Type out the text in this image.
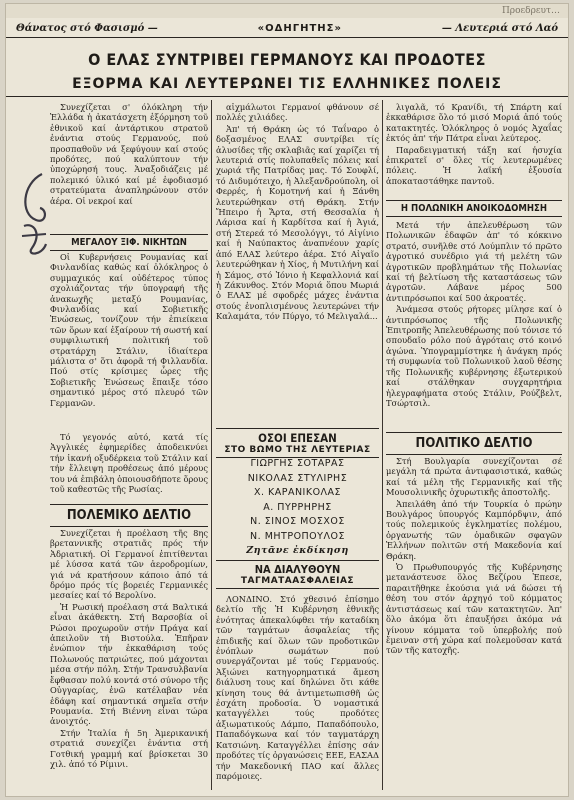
Προεδρευτ…
Θάνατος στό Φασισμό —	«ΟΔΗΓΗΤΗΣ»	— Λευτεριά στό Λαό
Ο ΕΛΑΣ ΣΥΝΤΡΙΒΕΙ ΓΕΡΜΑΝΟΥΣ ΚΑΙ ΠΡΟΔΟΤΕΣ
ΕΞΟΡΜΑ ΚΑΙ ΛΕΥΤΕΡΩΝΕΙ ΤΙΣ ΕΛΛΗΝΙΚΕΣ ΠΟΛΕΙΣ

Συνεχίζεται σ' όλόκληρη τήν Ἑλλάδα ἡ ἀκατάσχετη ἐξόρμηση τοῦ ἐθνικοῦ καί ἀντάρτικου στρατοῦ ἐνάντια στούς Γερμανούς, πού προσπαθοῦν νά ξεφύγουν καί στούς προδότες, πού καλύπτουν τήν ὑποχώρησή τους. Ἀναξοδιάζεις μέ πολεμικό ὑλικό καί μέ ἐφοδιασμό στρατεύματα ἀναπληρώνουν στόν ἀέρα. Οἱ νεκροί καί

ΜΕΓΑΛΟΥ ΞΙΦ. ΝΙΚΗΤΩΝ

Οἱ Κυβερνήσεις Ρουμανίας καί Φινλανδίας καθώς καί ὁλόκληρος ὁ συμμαχικός καί οὐδέτερος τύπος σχολιάζοντας τήν ὑπογραφή τῆς ἀνακωχῆς μεταξύ Ρουμανίας, Φινλανδίας καί Σοβιετικῆς Ἑνώσεως, τονίζουν τήν ἐπιείκεια τῶν ὅρων καί ἐξαίρουν τή σωστή καί συμφιλιωτική πολιτική τοῦ στρατάρχη Στάλιν, ἰδιαίτερα μάλιστα σ' ὅτι ἀφορᾶ τή Φιλλανδία. Πού στίς κρίσιμες ὧρες τῆς Σοβιετικῆς Ἑνώσεως ἔπαιξε τόσο σημαντικό μέρος στό πλευρό τῶν Γερμανῶν.

Τό γεγονός αὐτό, κατά τίς Ἀγγλικές ἐφημερίδες ἀποδεικνύει τήν ἰκανή οξυδέρκεια τοῦ Στάλιν καί τήν ἔλλειψη προθέσεως ἀπό μέρους του νά ἐπιβάλη ὁποιουσδήποτε ὅρους τοῦ καθεστῶς τῆς Ρωσίας.

ΠΟΛΕΜΙΚΟ ΔΕΛΤΙΟ

Συνεχίζεται ἡ προέλαση τῆς 8ης βρεταννικῆς στρατιᾶς πρός τήν Ἀδριατική. Οἱ Γερμανοί ἐπιτίθενται μέ λύσσα κατά τῶν ἀεροδρομίων, γιά νά κρατήσουν κάποιο ἀπό τά δρόμο πρός τίς βορειές Γερμανικές μεσαίες καί τό Βερολίνο.

Ἡ Ρωσική προέλαση στά Βαλτικά εἶναι ἀκάθεκτη. Στή Βαρσοβία οἱ Ρώσοι προχωροῦν στήν Πράγα καί ἀπειλοῦν τή Βιστούλα. Ἐπῆραν ἐνώπιον τήν ἐκκαθάριση τούς Πολωνούς πατριώτες, πού μάχονται μέσα στήν πόλη. Στήν Τρανσυλβανία ἔφθασαν πολύ κοντά στό σύνορο τῆς Οὐγγαρίας, ἐνῶ κατέλαβαν νέα ἐδάφη καί σημαντικά σημεῖα στήν Ρουμανία. Στή Βιέννη εἶναι τώρα ἀνοιχτός.

Στήν Ἰταλία ἡ 5η Ἀμερικανική στρατιά συνεχίζει ἐνάντια στή Γοτθική γραμμή καί βρίσκεται 30 χιλ. ἀπό τό Ρίμινι.

αἰχμάλωτοι Γερμανοί φθάνουν σέ πολλές χιλιάδες.

Ἀπ' τή Θράκη ὡς τό Ταΐναρο ὁ δοξασμένος ΕΛΑΣ συντρίβει τίς ἀλυσίδες τῆς σκλαβιᾶς καί χαρίζει τή λευτεριά στίς πολυπαθεῖς πόλεις καί χωριά τῆς Πατρίδας μας. Τό Σουφλί, τό Διδυμότειχο, ἡ Ἀλεξανδρούπολη, οἱ Φερρές, ἡ Κομοτηνή καί ἡ Ξάνθη λευτερώθηκαν στή Θράκη. Στήν Ἤπειρο ἡ Ἄρτα, στή Θεσσαλία ἡ Λάρισα καί ἡ Καρδίτσα καί ἡ Ἀγιά, στή Στερεά τό Μεσολόγγι, τό Αἰγίνιο καί ἡ Ναύπακτος ἀναπνέουν χαρίς ἀπό ΕΛΑΣ λεύτερο ἀέρα. Στό Αἰγαῖο λευτερώθηκαν ἡ Χίος, ἡ Μυτιλήνη καί ἡ Σάμος, στό Ἰόνιο ἡ Κεφαλλονιά καί ἡ Ζάκυνθος. Στόν Μοριά ὅπου Μωριά ὁ ΕΛΑΣ μέ σφοδρές μάχες ἐνάντια στούς ἐνοπλισμένους λευτερώνει τήν Καλαμάτα, τόν Πύργο, τό Μελιγαλά...

ΟΣΟΙ ΕΠΕΣΑΝ
ΣΤΟ ΒΩΜΟ ΤΗΣ ΛΕΥΤΕΡΙΑΣ
ΓΙΩΡΓΗΣ ΣΟΤΑΡΑΣ
ΝΙΚΟΛΑΣ ΣΤΥΛΙΡΗΣ
Χ. ΚΑΡΑΝΙΚΟΛΑΣ
Α. ΠΥΡΡΗΡΗΣ
Ν. ΣΙΝΟΣ ΜΟΣΧΟΣ
Ν. ΜΗΤΡΟΠΟΥΛΟΣ
Ζητᾶνε ἐκδίκηση
ΝΑ ΔΙΑΛΥΘΟΥΝ
ΤΑΓΜΑΤΑΑΣΦΑΛΕΙΑΣ

ΛΟΝΔΙΝΟ. Στό χθεσινό ἐπίσημο δελτίο τῆς Ἡ Κυβέρνηση ἐθνικῆς ἑνότητας ἀπεκαλύφθει τήν καταδίκη τῶν ταγμάτων ἀσφαλείας τῆς ἐπιδικῆς καί ὅλων τῶν προδοτικῶν ἐνόπλων σωμάτων πού συνεργάζονται μέ τούς Γερμανούς. Ἀξιώνει κατηγορηματικά ἄμεση διάλυση τους καί δηλώνει ὅτι κάθε κίνηση τους θά ἀντιμετωπισθῆ ὡς ἐσχάτη προδοσία. Ὁ νομαστικά καταγγέλλει τούς προδότες ἀξιωματικούς Δάμπο, Παπαδόπουλο, Παπαδόγκωνα καί τόν ταγματάρχη Κατσιώνη. Καταγγέλλει ἐπίσης σάν προδότες τίς ὀργανώσεις ΕΕΕ, ΕΑΣΑΔ τήν Μακεδονική ΠΑΟ καί ἄλλες παρόμοιες.

λιγαλᾶ, τό Κρανίδι, τή Σπάρτη καί ἑκκαθάρισε ὅλο τό μισό Μοριά ἀπό τούς κατακτητές. Ὁλόκληρος ὁ νομός Ἀχαΐας ἐκτός ἀπ' τήν Πάτρα εἶναι λεύτερος.

Παραδειγματική τάξη καί ἡσυχία ἐπικρατεῖ σ' ὅλες τίς λευτερωμένες πόλεις. Ἡ λαϊκή ἐξουσία ἀποκαταστάθηκε παντοῦ.

Η ΠΟΛΩΝΙΚΗ ΑΝΟΙΚΟΔΟΜΗΣΗ

Μετά τήν ἀπελευθέρωση τῶν Πολωνικῶν ἐδαφῶν ἀπ' τό κόκκινο στρατό, συνῆλθε στό Λούμπλιν τό πρῶτο ἀγροτικό συνέδριο γιά τή μελέτη τῶν ἀγροτικῶν προβλημάτων τῆς Πολωνίας καί τή βελτίωση τῆς καταστάσεως τῶν ἀγροτῶν. Λάβανε μέρος 500 ἀντιπρόσωποι καί 500 ἀκροατές.

Ἀνάμεσα στούς ρήτορες μίλησε καί ὁ ἀντιπρόσωπος τῆς Πολωνικῆς Ἐπιτροπῆς Ἀπελευθέρωσης πού τόνισε τό σπουδαῖο ρόλο πού ἀγρόταις στό κοινό ἀγώνα. Ὑπογραμμίστηκε ἡ ἀνάγκη πρός τή συμφωνία τοῦ Πολωνικοῦ λαοῦ θέσης τῆς Πολωνικῆς κυβέρνησης ἐξωτερικού καί στάλθηκαν συγχαρητήρια ἡλεγραφήματα στούς Στάλιν, Ρούζβελτ, Τσώρτσιλ.

ΠΟΛΙΤΙΚΟ ΔΕΛΤΙΟ

Στή Βουλγαρία συνεχίζονται σέ μεγάλη τά πρώτα ἀντιφασιστικά, καθώς καί τά μέλη τῆς Γερμανικῆς καί τῆς Μουσολινικῆς ὀχυρωτικῆς ἀποστολῆς.

Ἀπειλάθη ἀπό τήν Τουρκία ὁ πρώην Βουλγάρος ὑπουργός Καμπόρδψιν, ἀπό τούς πολεμικούς ἐγκληματίες πολέμου, ὀργανωτής τῶν ὁμαδικῶν σφαγῶν Ἑλλήνων πολιτῶν στή Μακεδονία καί Θράκη.

Ὁ Πρωθυπουργός τῆς Κυβέρνησης μετανάστευσε ὅλος Βεζίρου Ἐπεσε, παραιτῆθηκε ἐκούσια γιά νά δώσει τή θέση του στόν ἀρχηγό τοῦ κόμματος ἀντιστάσεως καί τῶν κατακτητῶν. Ἀπ' ὅλο ἀκόμα ὅτι ἐπαυξήσει ἀκόμα νά γίνουν κόμματα τοῦ ὑπερβολής πού ἔμειναν στή χώρα καί πολεμοῦσαν κατά τῶν τῆς κατοχῆς.
